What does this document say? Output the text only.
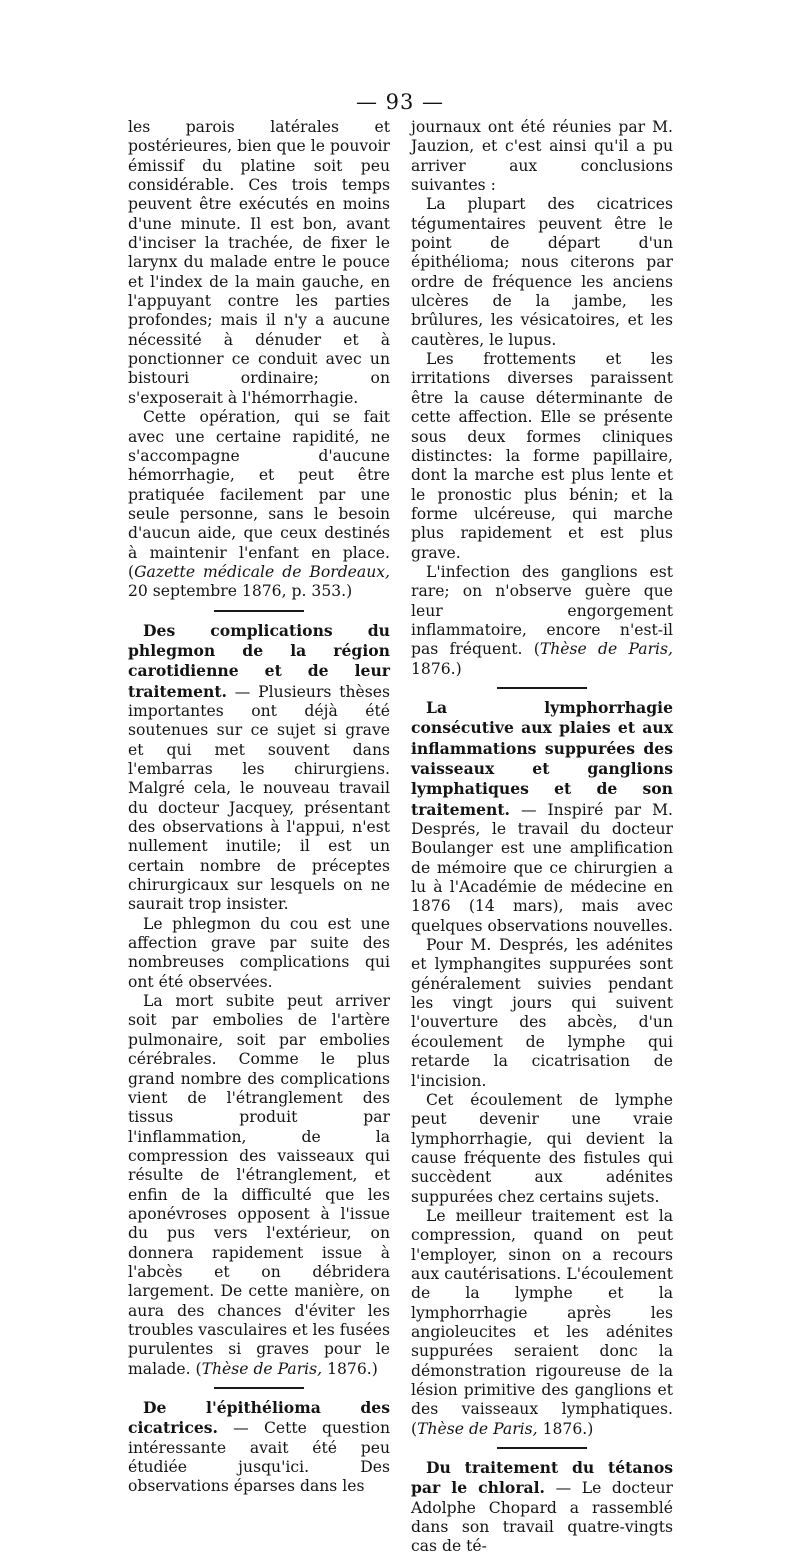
— 93 —

les parois latérales et postérieures, bien que le pouvoir émissif du platine soit peu considérable. Ces trois temps peuvent être exécutés en moins d'une minute. Il est bon, avant d'inciser la trachée, de fixer le larynx du malade entre le pouce et l'index de la main gauche, en l'appuyant contre les parties profondes; mais il n'y a aucune nécessité à dénuder et à ponctionner ce conduit avec un bistouri ordinaire; on s'exposerait à l'hémorrhagie.

Cette opération, qui se fait avec une certaine rapidité, ne s'accompagne d'aucune hémorrhagie, et peut être pratiquée facilement par une seule personne, sans le besoin d'aucun aide, que ceux destinés à maintenir l'enfant en place. (Gazette médicale de Bordeaux, 20 septembre 1876, p. 353.)

Des complications du phlegmon de la région carotidienne et de leur traitement. — Plusieurs thèses importantes ont déjà été soutenues sur ce sujet si grave et qui met souvent dans l'embarras les chirurgiens. Malgré cela, le nouveau travail du docteur Jacquey, présentant des observations à l'appui, n'est nullement inutile; il est un certain nombre de préceptes chirurgicaux sur lesquels on ne saurait trop insister.

Le phlegmon du cou est une affection grave par suite des nombreuses complications qui ont été observées.

La mort subite peut arriver soit par embolies de l'artère pulmonaire, soit par embolies cérébrales. Comme le plus grand nombre des complications vient de l'étranglement des tissus produit par l'inflammation, de la compression des vaisseaux qui résulte de l'étranglement, et enfin de la difficulté que les aponévroses opposent à l'issue du pus vers l'extérieur, on donnera rapidement issue à l'abcès et on débridera largement. De cette manière, on aura des chances d'éviter les troubles vasculaires et les fusées purulentes si graves pour le malade. (Thèse de Paris, 1876.)

De l'épithélioma des cicatrices. — Cette question intéressante avait été peu étudiée jusqu'ici. Des observations éparses dans les

journaux ont été réunies par M. Jauzion, et c'est ainsi qu'il a pu arriver aux conclusions suivantes :

La plupart des cicatrices tégumentaires peuvent être le point de départ d'un épithélioma; nous citerons par ordre de fréquence les anciens ulcères de la jambe, les brûlures, les vésicatoires, et les cautères, le lupus.

Les frottements et les irritations diverses paraissent être la cause déterminante de cette affection. Elle se présente sous deux formes cliniques distinctes: la forme papillaire, dont la marche est plus lente et le pronostic plus bénin; et la forme ulcéreuse, qui marche plus rapidement et est plus grave.

L'infection des ganglions est rare; on n'observe guère que leur engorgement inflammatoire, encore n'est-il pas fréquent. (Thèse de Paris, 1876.)

La lymphorrhagie consécutive aux plaies et aux inflammations suppurées des vaisseaux et ganglions lymphatiques et de son traitement. — Inspiré par M. Després, le travail du docteur Boulanger est une amplification de mémoire que ce chirurgien a lu à l'Académie de médecine en 1876 (14 mars), mais avec quelques observations nouvelles.

Pour M. Després, les adénites et lymphangites suppurées sont généralement suivies pendant les vingt jours qui suivent l'ouverture des abcès, d'un écoulement de lymphe qui retarde la cicatrisation de l'incision.

Cet écoulement de lymphe peut devenir une vraie lymphorrhagie, qui devient la cause fréquente des fistules qui succèdent aux adénites suppurées chez certains sujets.

Le meilleur traitement est la compression, quand on peut l'employer, sinon on a recours aux cautérisations. L'écoulement de la lymphe et la lymphorrhagie après les angioleucites et les adénites suppurées seraient donc la démonstration rigoureuse de la lésion primitive des ganglions et des vaisseaux lymphatiques. (Thèse de Paris, 1876.)

Du traitement du tétanos par le chloral. — Le docteur Adolphe Chopard a rassemblé dans son travail quatre-vingts cas de té-
